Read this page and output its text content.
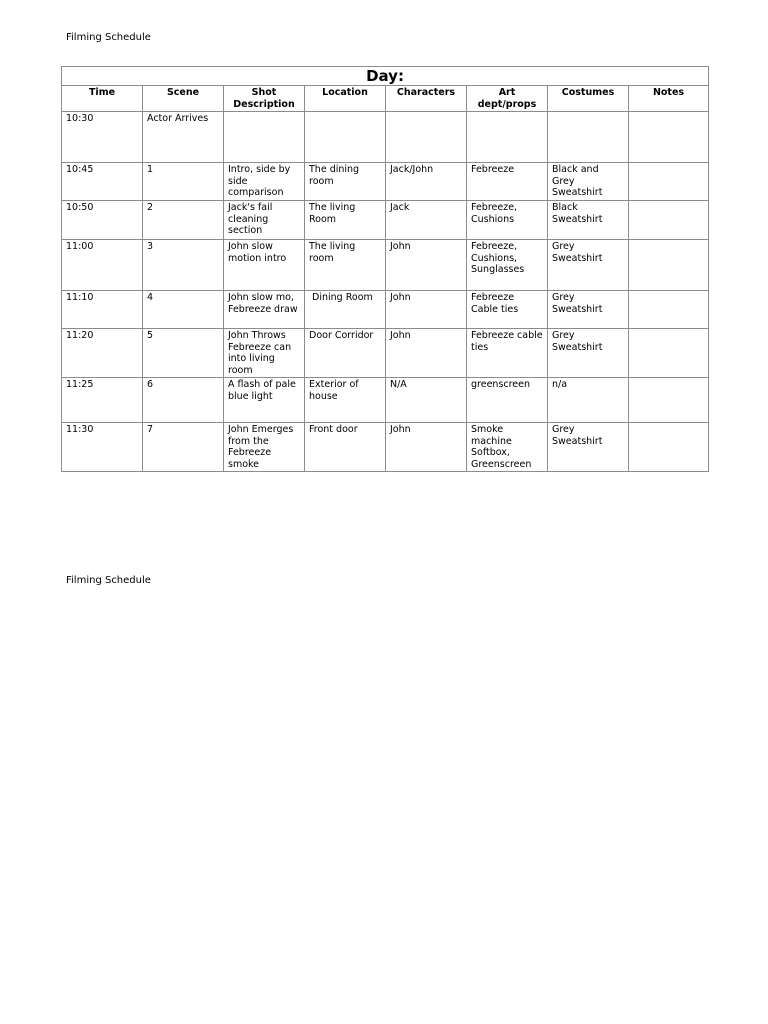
Filming Schedule
Day:							
Time	Scene	Shot Description	Location	Characters	Art dept/props	Costumes	Notes
10:30	Actor Arrives						
10:45	1	Intro, side by side comparison	The dining room	Jack/John	Febreeze	Black and Grey Sweatshirt	
10:50	2	Jack's fail cleaning section	The living Room	Jack	Febreeze, Cushions	Black Sweatshirt	
11:00	3	John slow motion intro	The living room	John	Febreeze, Cushions, Sunglasses	Grey Sweatshirt	
11:10	4	John slow mo, Febreeze draw	Dining Room	John	Febreeze Cable ties	Grey Sweatshirt	
11:20	5	John Throws Febreeze can into living room	Door Corridor	John	Febreeze cable ties	Grey Sweatshirt	
11:25	6	A flash of pale blue light	Exterior of house	N/A	greenscreen	n/a	
11:30	7	John Emerges from the Febreeze smoke	Front door	John	Smoke machine Softbox, Greenscreen	Grey Sweatshirt	
Filming Schedule
